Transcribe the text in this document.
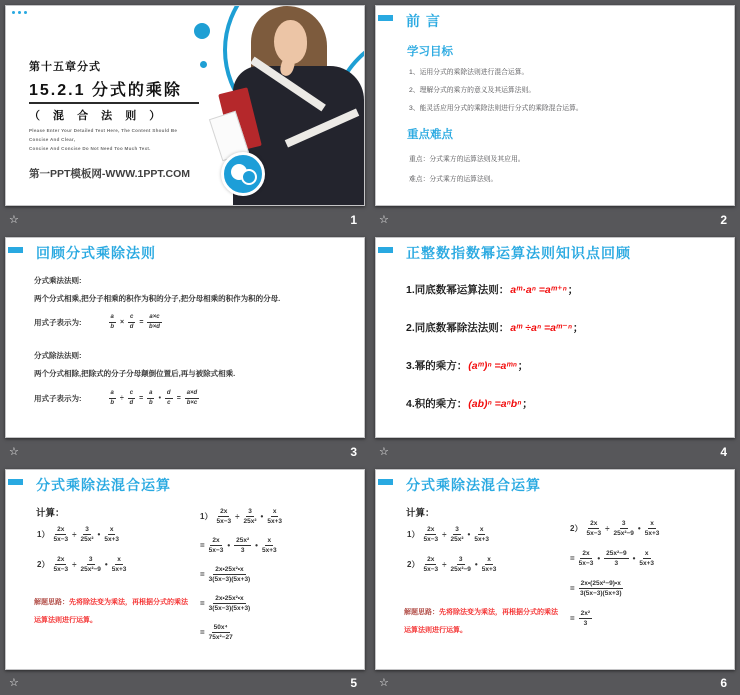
第十五章分式
15.2.1 分式的乘除
（ 混 合 法 则 ）
Please Enter Your Detailed Text Here, The Content Should Be Concise And Clear,
Concise And Concise Do Not Need Too Much Text.
第一PPT模板网-WWW.1PPT.COM
☆	1
前 言
学习目标
1、运用分式的乘除法则进行混合运算。
2、理解分式的乘方的意义及其运算法则。
3、能灵活应用分式的乘除法则进行分式的乘除混合运算。
重点难点
重点：分式乘方的运算法则及其应用。
难点：分式乘方的运算法则。
☆	2
回顾分式乘除法则
分式乘法法则:
两个分式相乘,把分子相乘的积作为积的分子,把分母相乘的积作为积的分母.
用式子表示为:	$\frac{a}{b} \times \frac{c}{d} = \frac{a\times c}{b\times d}$
分式除法法则:
两个分式相除,把除式的分子分母颠倒位置后,再与被除式相乘.
用式子表示为:	$\frac{a}{b} \div \frac{c}{d} = \frac{a}{b}$ • $\frac{d}{c} = \frac{a\times d}{b\times c}$
☆	3
正整数指数幂运算法则知识点回顾
1.同底数幂运算法则：aᵐ·aⁿ =aᵐ⁺ⁿ；
2.同底数幂除法法则：aᵐ ÷aⁿ =aᵐ⁻ⁿ；
3.幂的乘方：(aᵐ)ⁿ =aᵐⁿ；
4.积的乘方：(ab)ⁿ =aⁿbⁿ；
☆	4
分式乘除法混合运算
计算：
$1) \frac{2x}{5x-3} \div \frac{3}{\text{25x²}}$ • $\frac{x}{5x+3}$
$2) \frac{2x}{5x-3} \div \frac{3}{\text{25x²−9}}$ • $\frac{x}{5x+3}$
解题思路：先将除法变为乘法，再根据分式的乘法运算法则进行运算。
$1) \frac{2x}{5x-3} \div \frac{3}{\text{25x²}}$ • $\frac{x}{5x+3}$
= $\frac{2x}{5x-3}$ • $\frac{\text{25x²}}{3}$ • $\frac{x}{5x+3}$
= $\frac{\text{2x•25x²•x}}{3(5x-3)(5x+3)}$
= $\frac{\text{2x•25x²•x}}{3(5x-3)(5x+3)}$
= $\frac{\text{50x⁴}}{\text{75x²−27}}$
☆	5
分式乘除法混合运算
计算：
$1) \frac{2x}{5x-3} \div \frac{3}{\text{25x²}}$ • $\frac{x}{5x+3}$
$2) \frac{2x}{5x-3} \div \frac{3}{\text{25x²−9}}$ • $\frac{x}{5x+3}$
解题思路：先将除法变为乘法，再根据分式的乘法运算法则进行运算。
$2) \frac{2x}{5x-3} \div \frac{3}{\text{25x²−9}}$ • $\frac{x}{5x+3}$
= $\frac{2x}{5x-3}$ • $\frac{\text{25x²−9}}{3}$ • $\frac{x}{5x+3}$
= $\frac{\text{2x•(25x²−9)•x}}{3(5x-3)(5x+3)}$
= $\frac{\text{2x²}}{3}$
☆	6
